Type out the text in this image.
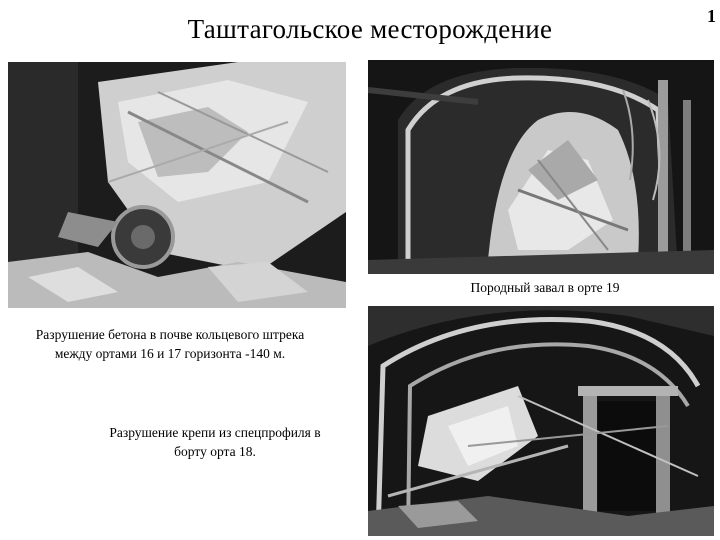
Таштагольское месторождение	1
Породный завал в орте 19
Разрушение бетона в почве кольцевого штрека
между ортами 16 и 17 горизонта -140 м.
Разрушение крепи из спецпрофиля в
борту орта 18.
